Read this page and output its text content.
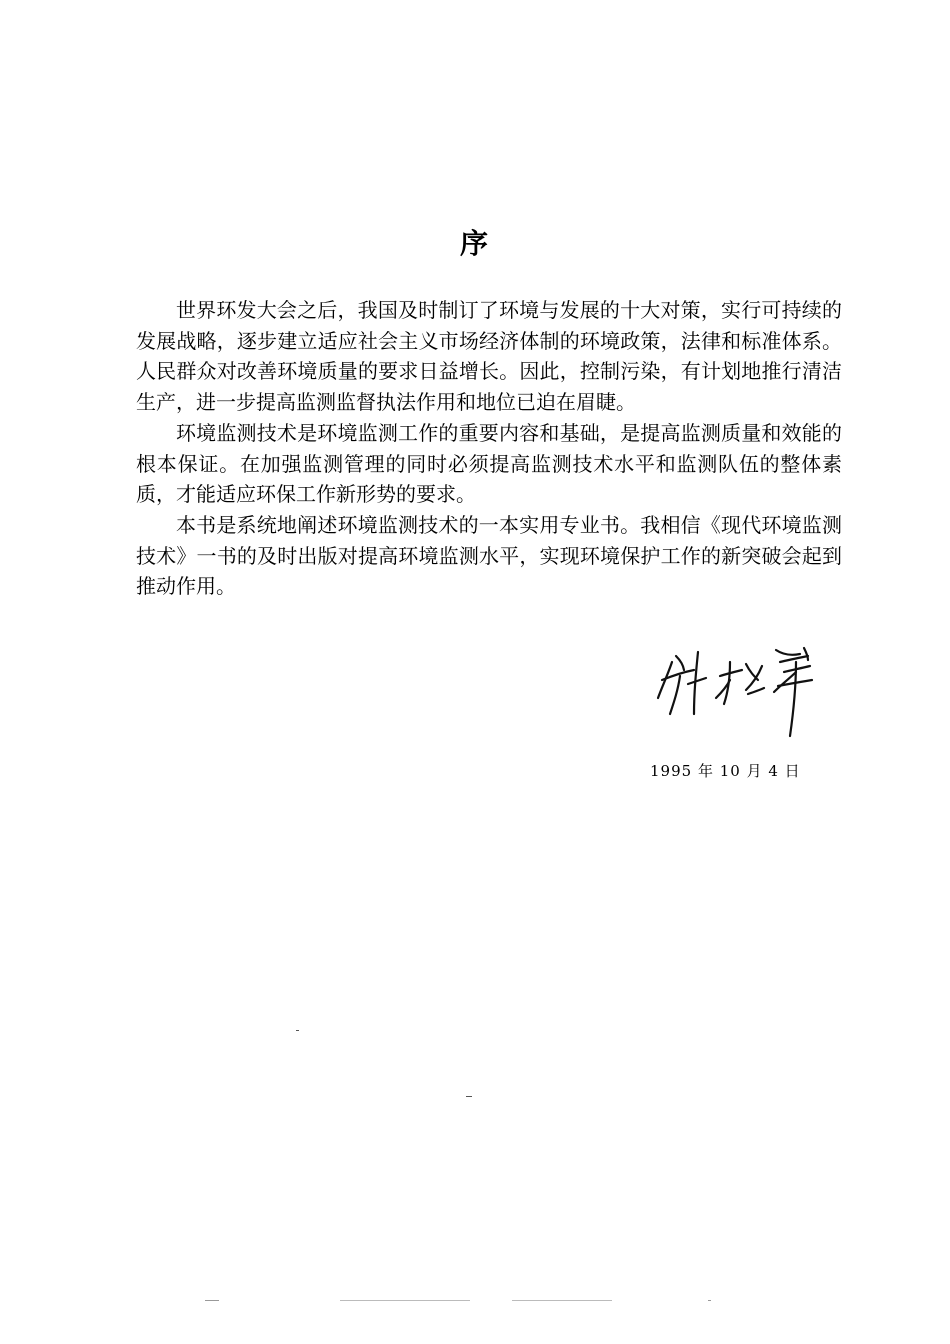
序

世界环发大会之后，我国及时制订了环境与发展的十大对策，实行可持续的发展战略，逐步建立适应社会主义市场经济体制的环境政策，法律和标准体系。人民群众对改善环境质量的要求日益增长。因此，控制污染，有计划地推行清洁生产，进一步提高监测监督执法作用和地位已迫在眉睫。

环境监测技术是环境监测工作的重要内容和基础，是提高监测质量和效能的根本保证。在加强监测管理的同时必须提高监测技术水平和监测队伍的整体素质，才能适应环保工作新形势的要求。

本书是系统地阐述环境监测技术的一本实用专业书。我相信《现代环境监测技术》一书的及时出版对提高环境监测水平，实现环境保护工作的新突破会起到推动作用。

1995 年 10 月 4 日
